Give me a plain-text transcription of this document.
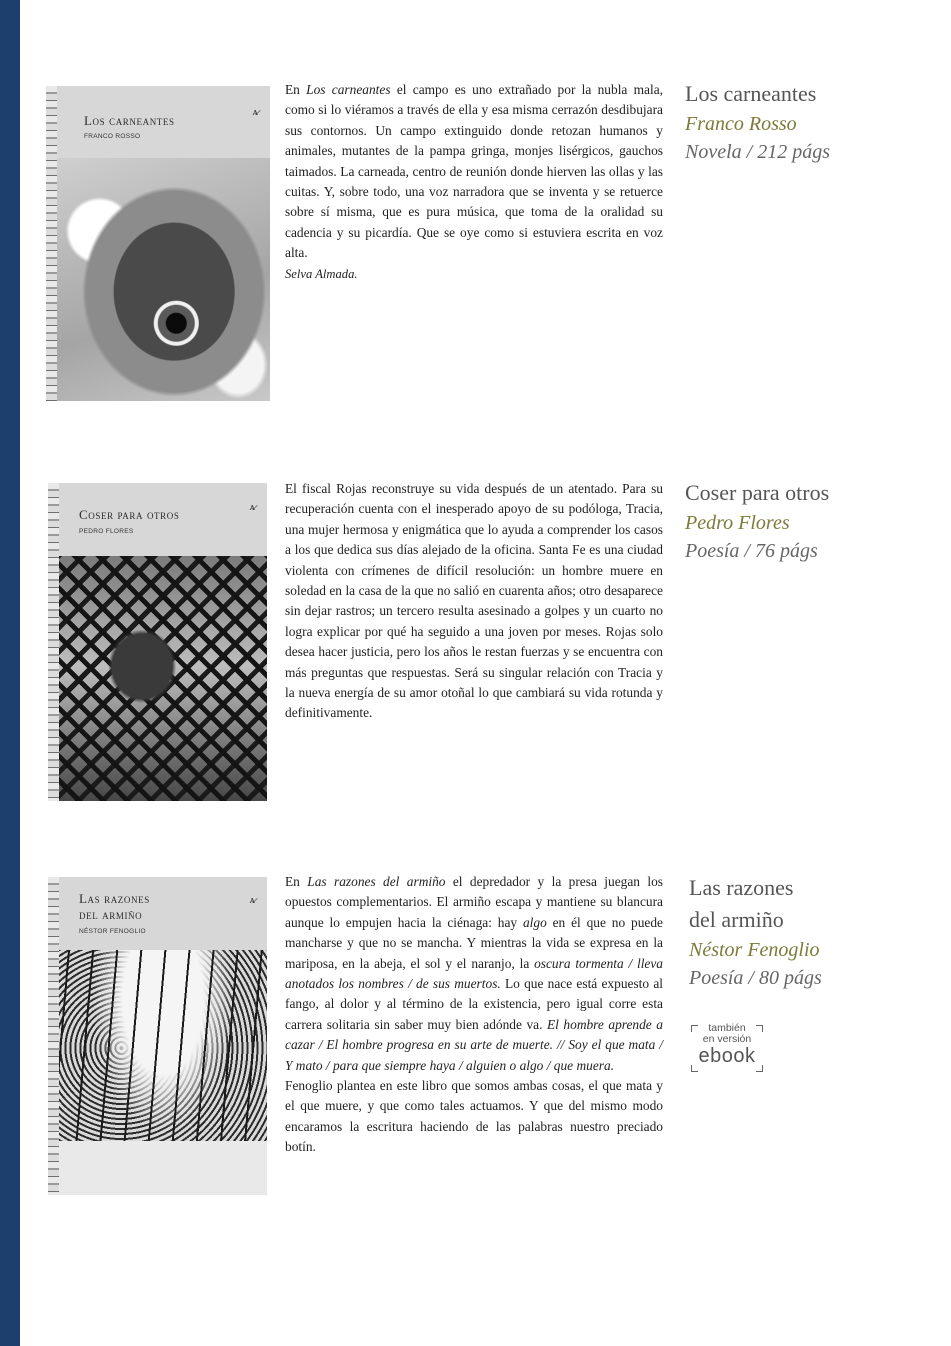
Los carneantes
FRANCO ROSSO
ᴀ̷

En Los carneantes el campo es uno extrañado por la nubla mala, como si lo viéramos a través de ella y esa misma cerrazón desdibujara sus contornos. Un campo extinguido donde retozan humanos y animales, mutantes de la pampa gringa, monjes lisérgicos, gauchos taimados. La carneada, centro de reunión donde hierven las ollas y las cuitas. Y, sobre todo, una voz narradora que se inventa y se retuerce sobre sí misma, que es pura música, que toma de la oralidad su cadencia y su picardía. Que se oye como si estuviera escrita en voz alta.

Selva Almada.

Los carneantes
Franco Rosso
Novela / 212 págs
Coser para otros
PEDRO FLORES
ᴀ̷

El fiscal Rojas reconstruye su vida después de un atentado. Para su recuperación cuenta con el inesperado apoyo de su podóloga, Tracia, una mujer hermosa y enigmática que lo ayuda a comprender los casos a los que dedica sus días alejado de la oficina. Santa Fe es una ciudad violenta con crímenes de difícil resolución: un hombre muere en soledad en la casa de la que no salió en cuarenta años; otro desaparece sin dejar rastros; un tercero resulta asesinado a golpes y un cuarto no logra explicar por qué ha seguido a una joven por meses. Rojas solo desea hacer justicia, pero los años le restan fuerzas y se encuentra con más preguntas que respuestas. Será su singular relación con Tracia y la nueva energía de su amor otoñal lo que cambiará su vida rotunda y definitivamente.

Coser para otros
Pedro Flores
Poesía / 76 págs
Las razones
del armiño
NÉSTOR FENOGLIO
ᴀ̷

En Las razones del armiño el depredador y la presa juegan los opuestos complementarios. El armiño escapa y mantiene su blancura aunque lo empujen hacia la ciénaga: hay algo en él que no puede mancharse y que no se mancha. Y mientras la vida se expresa en la mariposa, en la abeja, el sol y el naranjo, la oscura tormenta / lleva anotados los nombres / de sus muertos. Lo que nace está expuesto al fango, al dolor y al término de la existencia, pero igual corre esta carrera solitaria sin saber muy bien adónde va. El hombre aprende a cazar / El hombre progresa en su arte de muerte. // Soy el que mata / Y mato / para que siempre haya / alguien o algo / que muera.

Fenoglio plantea en este libro que somos ambas cosas, el que mata y el que muere, y que como tales actuamos. Y que del mismo modo encaramos la escritura haciendo de las palabras nuestro preciado botín.

Las razones
del armiño
Néstor Fenoglio
Poesía / 80 págs
también
en versión
ebook
